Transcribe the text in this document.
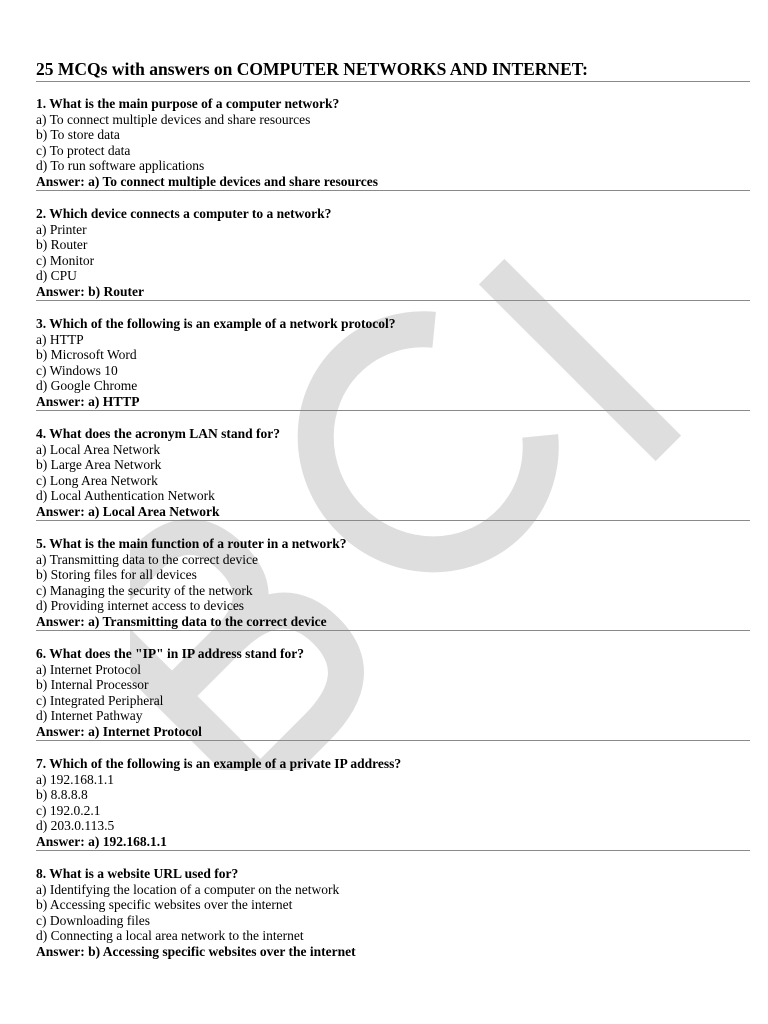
25 MCQs with answers on COMPUTER NETWORKS AND INTERNET:
1. What is the main purpose of a computer network?
a) To connect multiple devices and share resources
b) To store data
c) To protect data
d) To run software applications
Answer: a) To connect multiple devices and share resources
2. Which device connects a computer to a network?
a) Printer
b) Router
c) Monitor
d) CPU
Answer: b) Router
3. Which of the following is an example of a network protocol?
a) HTTP
b) Microsoft Word
c) Windows 10
d) Google Chrome
Answer: a) HTTP
4. What does the acronym LAN stand for?
a) Local Area Network
b) Large Area Network
c) Long Area Network
d) Local Authentication Network
Answer: a) Local Area Network
5. What is the main function of a router in a network?
a) Transmitting data to the correct device
b) Storing files for all devices
c) Managing the security of the network
d) Providing internet access to devices
Answer: a) Transmitting data to the correct device
6. What does the "IP" in IP address stand for?
a) Internet Protocol
b) Internal Processor
c) Integrated Peripheral
d) Internet Pathway
Answer: a) Internet Protocol
7. Which of the following is an example of a private IP address?
a) 192.168.1.1
b) 8.8.8.8
c) 192.0.2.1
d) 203.0.113.5
Answer: a) 192.168.1.1
8. What is a website URL used for?
a) Identifying the location of a computer on the network
b) Accessing specific websites over the internet
c) Downloading files
d) Connecting a local area network to the internet
Answer: b) Accessing specific websites over the internet
